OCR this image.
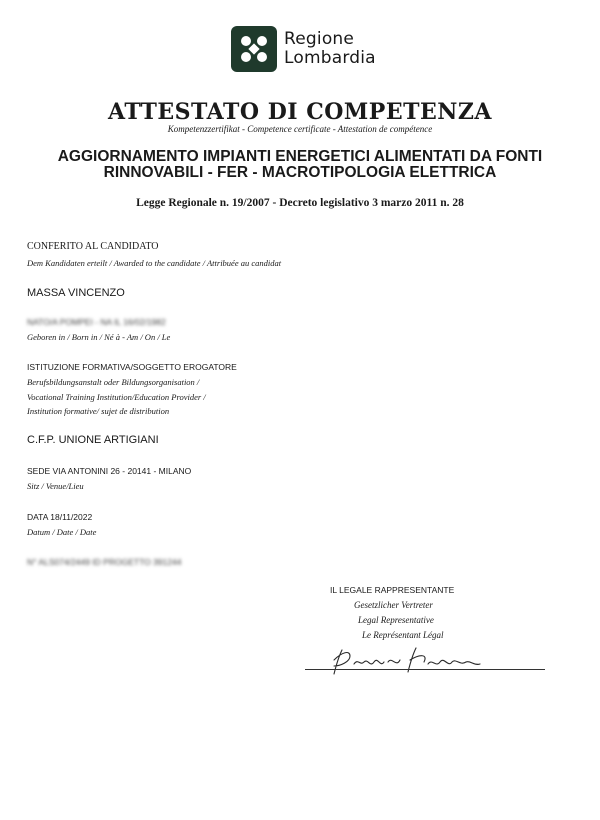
Regione
Lombardia
ATTESTATO DI COMPETENZA
Kompetenzzertifikat - Competence certificate - Attestation de compétence
AGGIORNAMENTO IMPIANTI ENERGETICI ALIMENTATI DA FONTI
RINNOVABILI - FER - MACROTIPOLOGIA ELETTRICA
Legge Regionale n. 19/2007 - Decreto legislativo 3 marzo 2011 n. 28
CONFERITO AL CANDIDATO
Dem Kandidaten erteilt / Awarded to the candidate / Attribuée au candidat
MASSA VINCENZO
NATO/A POMPEI - NA IL 16/02/1982
Geboren in / Born in / Né à - Am / On / Le
ISTITUZIONE FORMATIVA/SOGGETTO EROGATORE
Berufsbildungsanstalt oder Bildungsorganisation /
Vocational Training Institution/Education Provider /
Institution formative/ sujet de distribution
C.F.P. UNIONE ARTIGIANI
SEDE VIA ANTONINI 26 - 20141 - MILANO
Sitz / Venue/Lieu
DATA 18/11/2022
Datum / Date / Date
N° ALS074/2449 ID PROGETTO 391244
IL LEGALE RAPPRESENTANTE
Gesetzlicher Vertreter
Legal Representative
Le Représentant Légal
